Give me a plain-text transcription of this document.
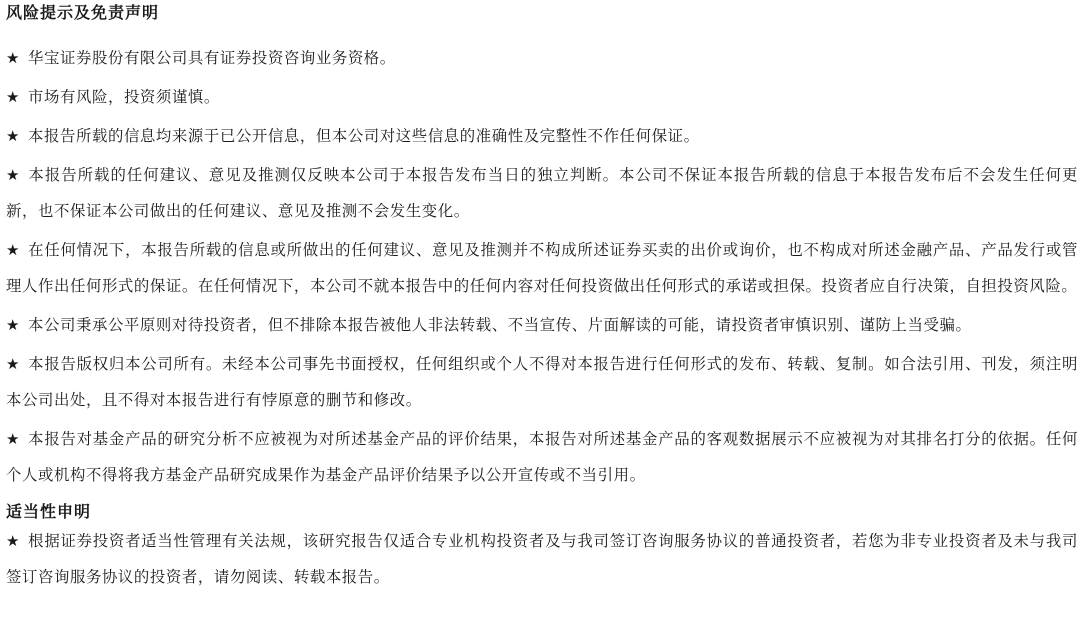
风险提示及免责声明

★ 华宝证券股份有限公司具有证券投资咨询业务资格。

★ 市场有风险，投资须谨慎。

★ 本报告所载的信息均来源于已公开信息，但本公司对这些信息的准确性及完整性不作任何保证。

★ 本报告所载的任何建议、意见及推测仅反映本公司于本报告发布当日的独立判断。本公司不保证本报告所载的信息于本报告发布后不会发生任何更新，也不保证本公司做出的任何建议、意见及推测不会发生变化。

★ 在任何情况下，本报告所载的信息或所做出的任何建议、意见及推测并不构成所述证券买卖的出价或询价，也不构成对所述金融产品、产品发行或管理人作出任何形式的保证。在任何情况下，本公司不就本报告中的任何内容对任何投资做出任何形式的承诺或担保。投资者应自行决策，自担投资风险。

★ 本公司秉承公平原则对待投资者，但不排除本报告被他人非法转载、不当宣传、片面解读的可能，请投资者审慎识别、谨防上当受骗。

★ 本报告版权归本公司所有。未经本公司事先书面授权，任何组织或个人不得对本报告进行任何形式的发布、转载、复制。如合法引用、刊发，须注明本公司出处，且不得对本报告进行有悖原意的删节和修改。

★ 本报告对基金产品的研究分析不应被视为对所述基金产品的评价结果，本报告对所述基金产品的客观数据展示不应被视为对其排名打分的依据。任何个人或机构不得将我方基金产品研究成果作为基金产品评价结果予以公开宣传或不当引用。

适当性申明

★ 根据证券投资者适当性管理有关法规，该研究报告仅适合专业机构投资者及与我司签订咨询服务协议的普通投资者，若您为非专业投资者及未与我司签订咨询服务协议的投资者，请勿阅读、转载本报告。
